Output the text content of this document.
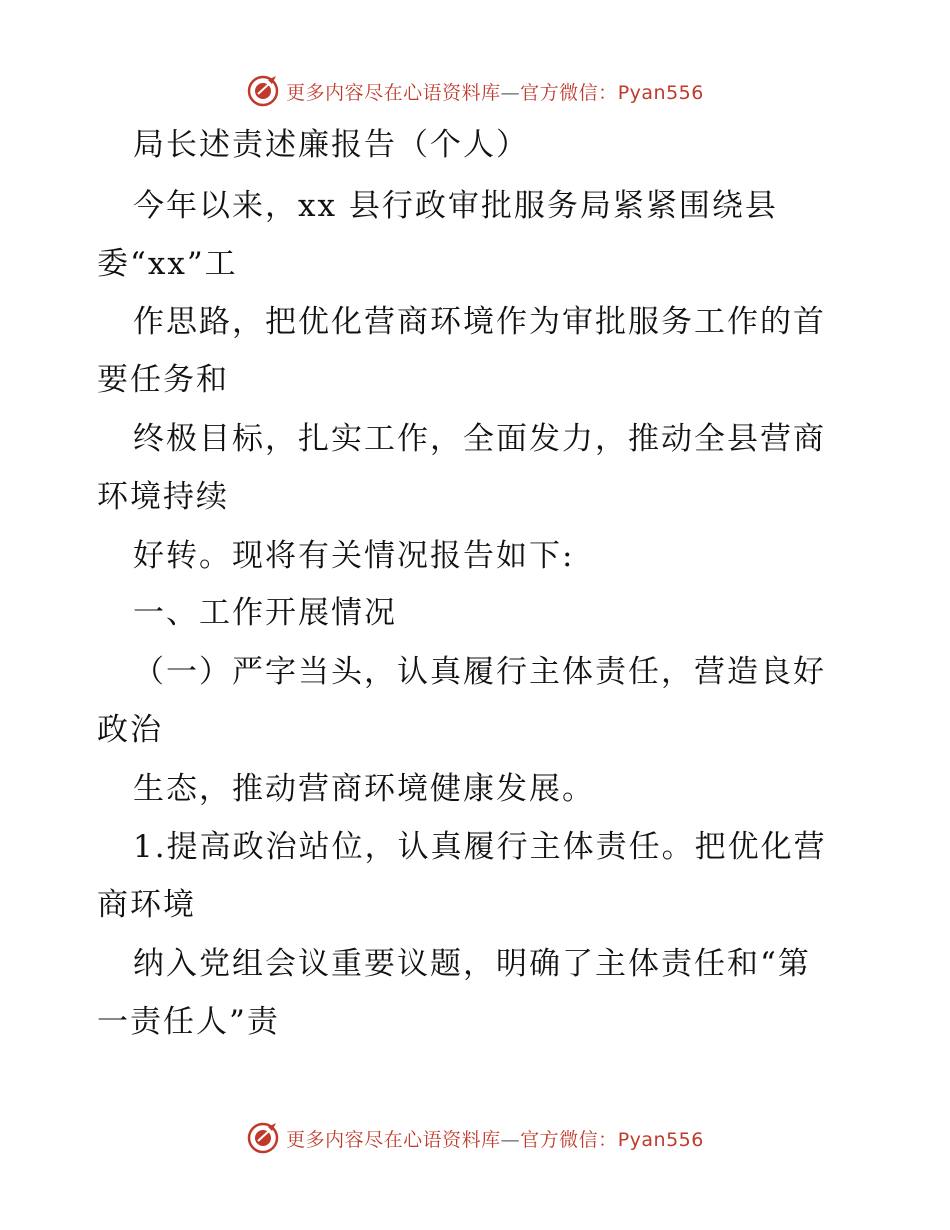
更多内容尽在心语资料库—官方微信：Pyan556
局长述责述廉报告（个人）
今年以来，xx 县行政审批服务局紧紧围绕县
委“xx”工
作思路，把优化营商环境作为审批服务工作的首
要任务和
终极目标，扎实工作，全面发力，推动全县营商
环境持续
好转。现将有关情况报告如下:
一、工作开展情况
（一）严字当头，认真履行主体责任，营造良好
政治
生态，推动营商环境健康发展。
1.提高政治站位，认真履行主体责任。把优化营
商环境
纳入党组会议重要议题，明确了主体责任和“第
一责任人”责
更多内容尽在心语资料库—官方微信：Pyan556
